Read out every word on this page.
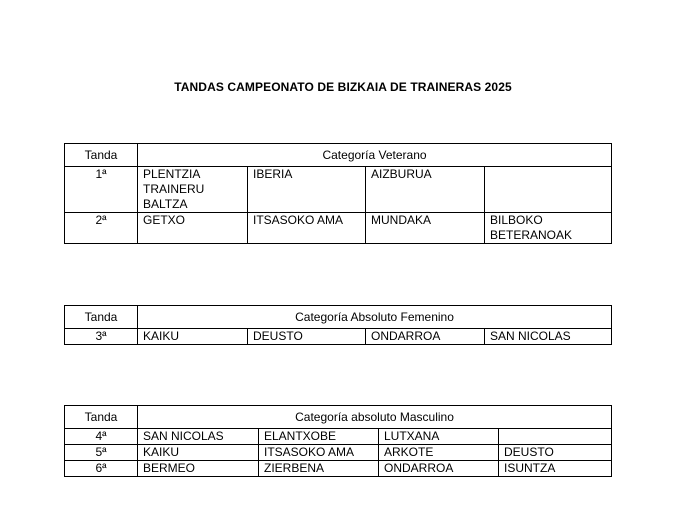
TANDAS CAMPEONATO DE BIZKAIA DE TRAINERAS 2025
Tanda	Categoría Veterano			
1ª	PLENTZIA TRAINERU BALTZA	IBERIA	AIZBURUA	
2ª	GETXO	ITSASOKO AMA	MUNDAKA	BILBOKO BETERANOAK
Tanda	Categoría Absoluto Femenino			
3ª	KAIKU	DEUSTO	ONDARROA	SAN NICOLAS
Tanda	Categoría absoluto Masculino			
4ª	SAN NICOLAS	ELANTXOBE	LUTXANA	
5ª	KAIKU	ITSASOKO AMA	ARKOTE	DEUSTO
6ª	BERMEO	ZIERBENA	ONDARROA	ISUNTZA
